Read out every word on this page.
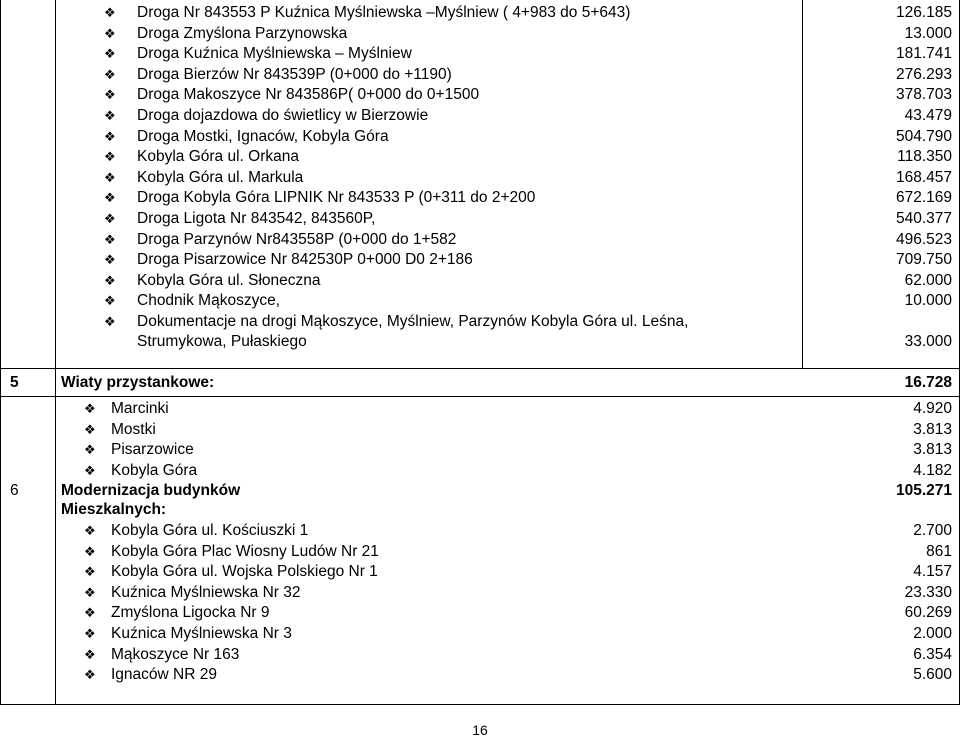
❖ Droga Nr 843553 P Kuźnica Myślniewska –Myślniew ( 4+983 do 5+643)	126.185
❖ Droga Zmyślona Parzynowska	13.000
❖ Droga Kuźnica Myślniewska – Myślniew	181.741
❖ Droga Bierzów Nr 843539P (0+000 do +1190)	276.293
❖ Droga Makoszyce Nr 843586P( 0+000 do 0+1500	378.703
❖ Droga dojazdowa do świetlicy w Bierzowie	43.479
❖ Droga Mostki, Ignaców, Kobyla Góra	504.790
❖ Kobyla Góra ul. Orkana	118.350
❖ Kobyla Góra ul. Markula	168.457
❖ Droga Kobyla Góra LIPNIK Nr 843533 P (0+311 do 2+200	672.169
❖ Droga Ligota Nr 843542, 843560P,	540.377
❖ Droga Parzynów Nr843558P (0+000 do 1+582	496.523
❖ Droga Pisarzowice Nr 842530P 0+000 D0 2+186	709.750
❖ Kobyla Góra ul. Słoneczna	62.000
❖ Chodnik Mąkoszyce,	10.000
❖ Dokumentacje na drogi Mąkoszyce, Myślniew, Parzynów Kobyla Góra ul. Leśna,
Strumykowa, Pułaskiego	33.000
5	Wiaty przystankowe:	16.728
❖ Marcinki	4.920
❖ Mostki	3.813
❖ Pisarzowice	3.813
❖ Kobyla Góra	4.182
6	Modernizacja budynków	105.271
Mieszkalnych:
❖ Kobyla Góra ul. Kościuszki 1	2.700
❖ Kobyla Góra Plac Wiosny Ludów Nr 21	861
❖ Kobyla Góra ul. Wojska Polskiego Nr 1	4.157
❖ Kuźnica Myślniewska Nr 32	23.330
❖ Zmyślona Ligocka Nr 9	60.269
❖ Kuźnica Myślniewska Nr 3	2.000
❖ Mąkoszyce Nr 163	6.354
❖ Ignaców NR 29	5.600
16
